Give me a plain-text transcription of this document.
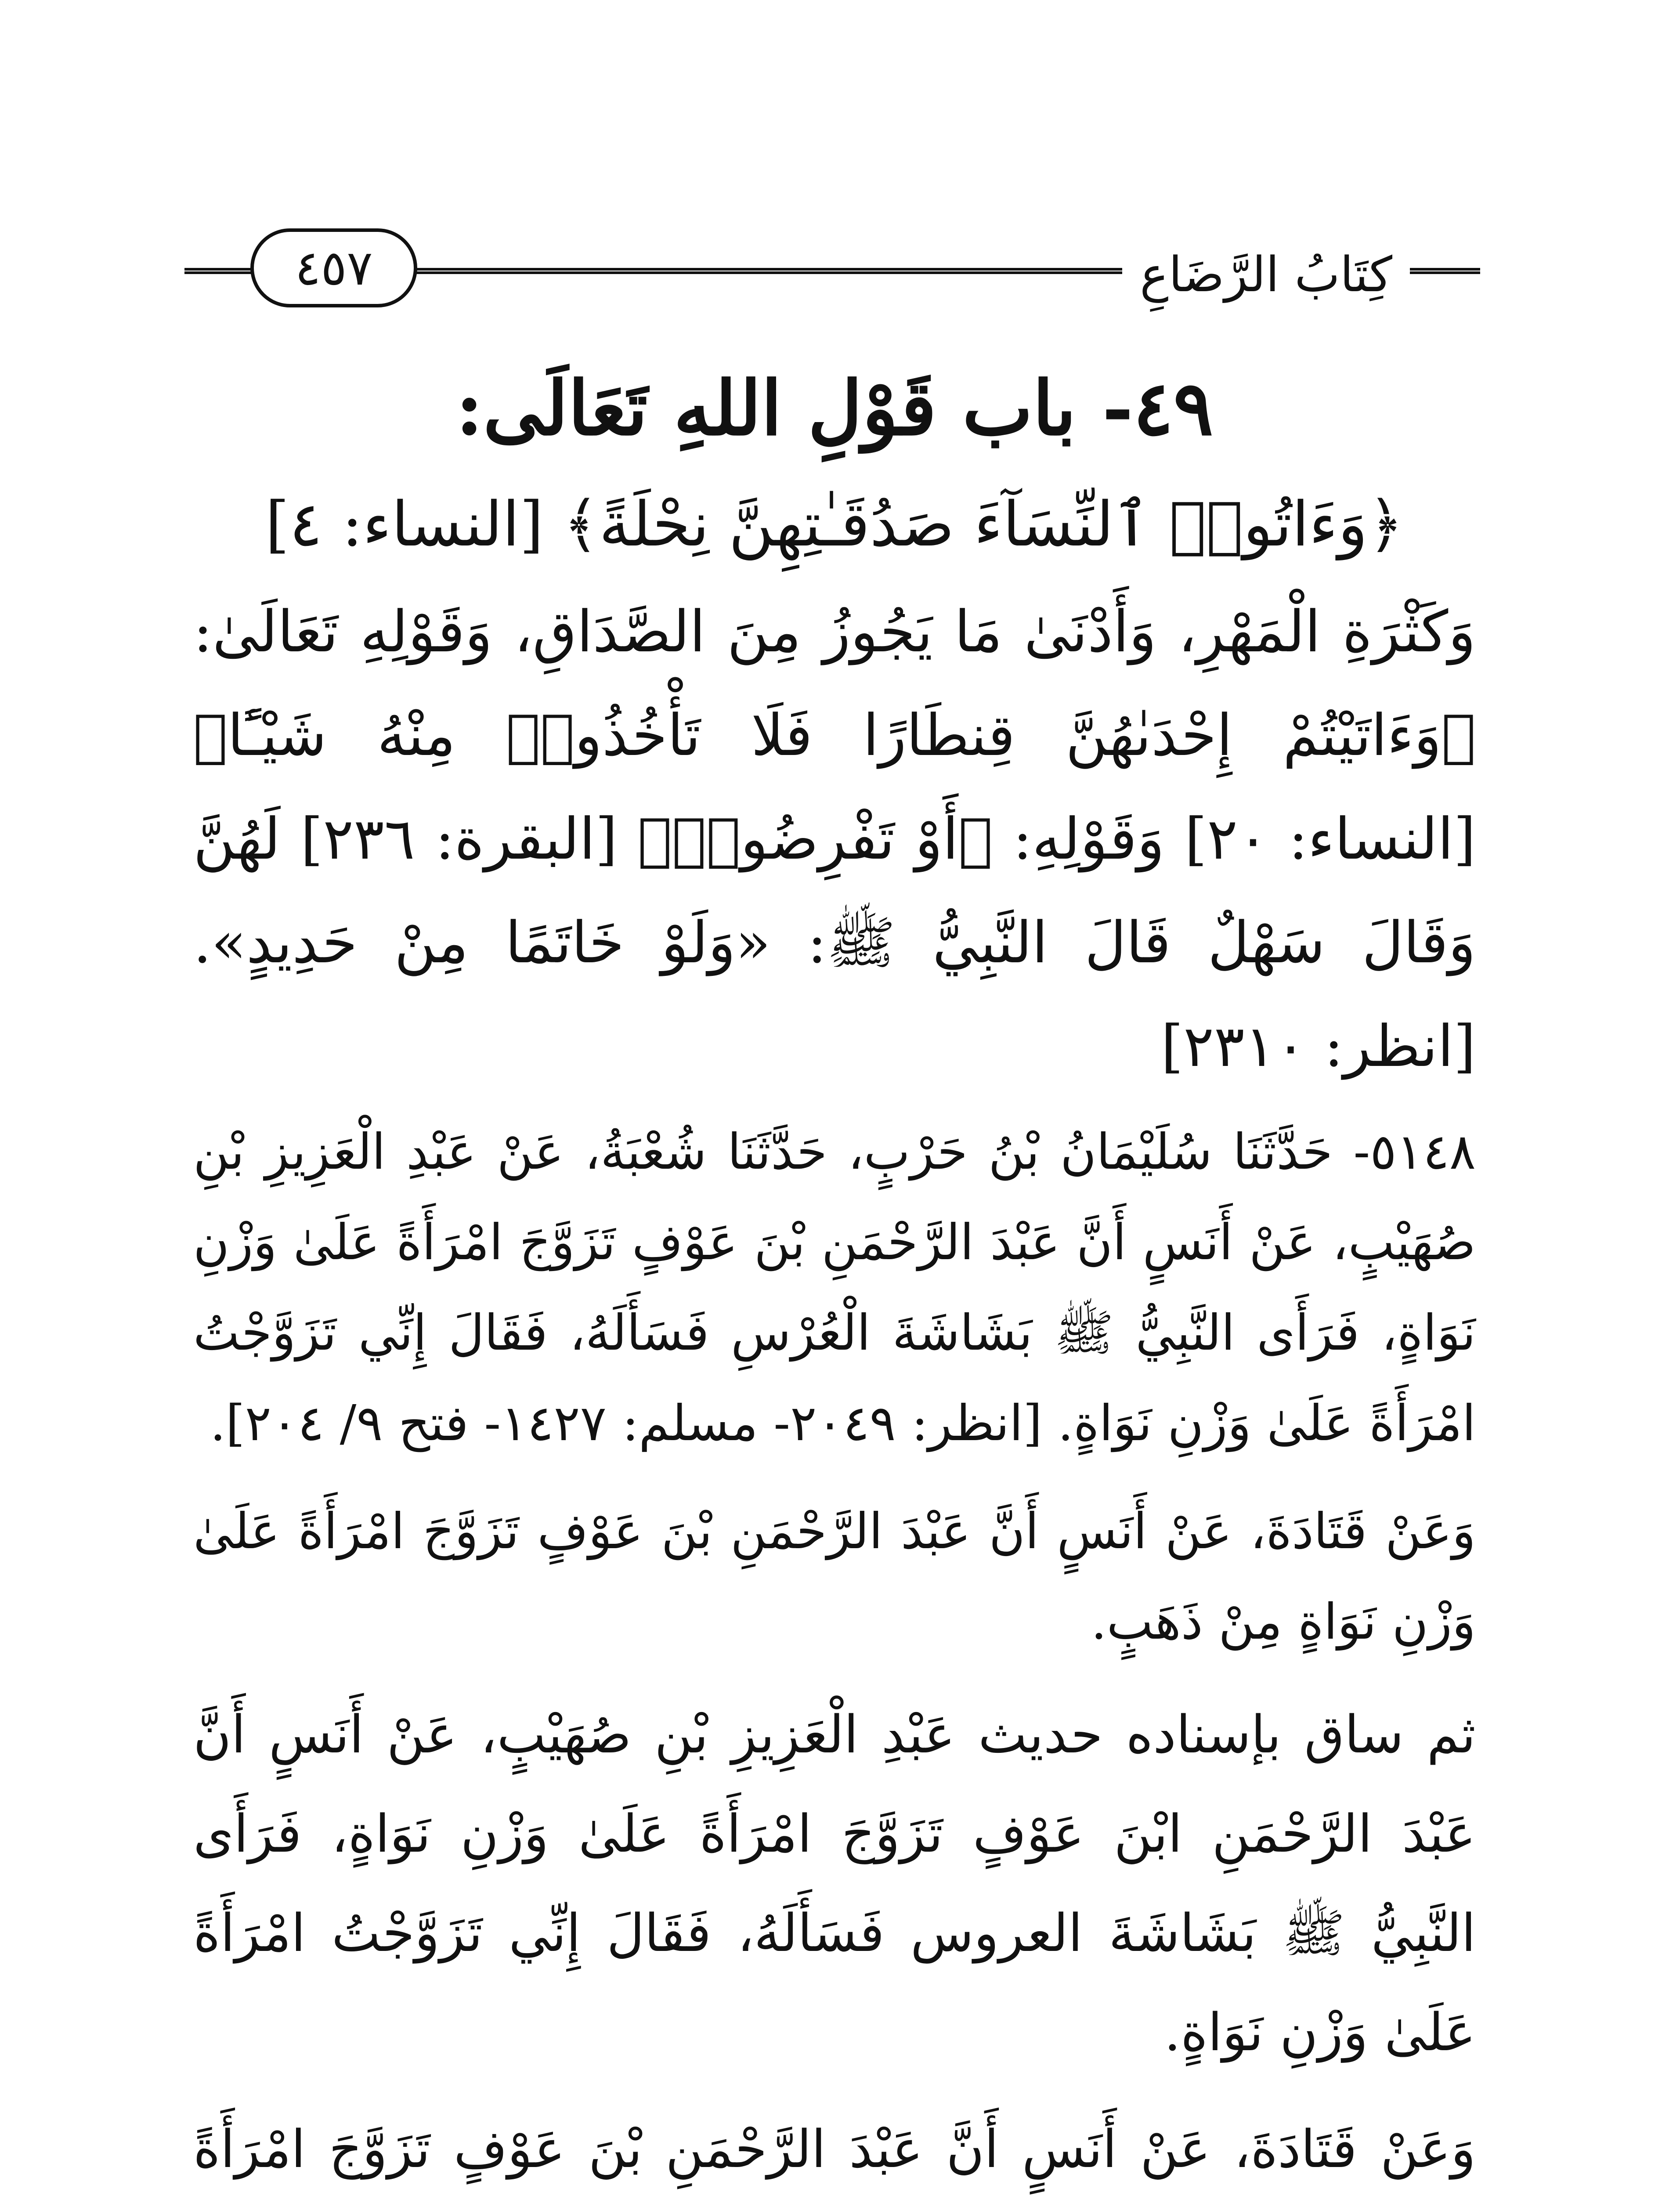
٤٥٧	كِتَابُ الرَّضَاعِ
٤٩- باب قَوْلِ اللهِ تَعَالَى:
﴿وَءَاتُوا۟ ٱلنِّسَآءَ صَدُقَـٰتِهِنَّ نِحْلَةً﴾ [النساء: ٤]

وَكَثْرَةِ الْمَهْرِ، وَأَدْنَىٰ مَا يَجُوزُ مِنَ الصَّدَاقِ، وَقَوْلِهِ تَعَالَىٰ: ﴿وَءَاتَيْتُمْ إِحْدَىٰهُنَّ قِنطَارًا فَلَا تَأْخُذُوا۟ مِنْهُ شَيْـًٔا﴾ [النساء: ٢٠] وَقَوْلِهِ: ﴿أَوْ تَفْرِضُوا۟﴾ [البقرة: ٢٣٦] لَهُنَّ وَقَالَ سَهْلٌ قَالَ النَّبِيُّ ﷺ: «وَلَوْ خَاتَمًا مِنْ حَدِيدٍ». [انظر: ٢٣١٠]

٥١٤٨- حَدَّثَنَا سُلَيْمَانُ بْنُ حَرْبٍ، حَدَّثَنَا شُعْبَةُ، عَنْ عَبْدِ الْعَزِيزِ بْنِ صُهَيْبٍ، عَنْ أَنَسٍ أَنَّ عَبْدَ الرَّحْمَنِ بْنَ عَوْفٍ تَزَوَّجَ امْرَأَةً عَلَىٰ وَزْنِ نَوَاةٍ، فَرَأَى النَّبِيُّ ﷺ بَشَاشَةَ الْعُرْسِ فَسَأَلَهُ، فَقَالَ إِنِّي تَزَوَّجْتُ امْرَأَةً عَلَىٰ وَزْنِ نَوَاةٍ. [انظر: ٢٠٤٩- مسلم: ١٤٢٧- فتح ٩/ ٢٠٤].

وَعَنْ قَتَادَةَ، عَنْ أَنَسٍ أَنَّ عَبْدَ الرَّحْمَنِ بْنَ عَوْفٍ تَزَوَّجَ امْرَأَةً عَلَىٰ وَزْنِ نَوَاةٍ مِنْ ذَهَبٍ.

ثم ساق بإسناده حديث عَبْدِ الْعَزِيزِ بْنِ صُهَيْبٍ، عَنْ أَنَسٍ أَنَّ عَبْدَ الرَّحْمَنِ ابْنَ عَوْفٍ تَزَوَّجَ امْرَأَةً عَلَىٰ وَزْنِ نَوَاةٍ، فَرَأَى النَّبِيُّ ﷺ بَشَاشَةَ العروس فَسَأَلَهُ، فَقَالَ إِنِّي تَزَوَّجْتُ امْرَأَةً عَلَىٰ وَزْنِ نَوَاةٍ.

وَعَنْ قَتَادَةَ، عَنْ أَنَسٍ أَنَّ عَبْدَ الرَّحْمَنِ بْنَ عَوْفٍ تَزَوَّجَ امْرَأَةً
